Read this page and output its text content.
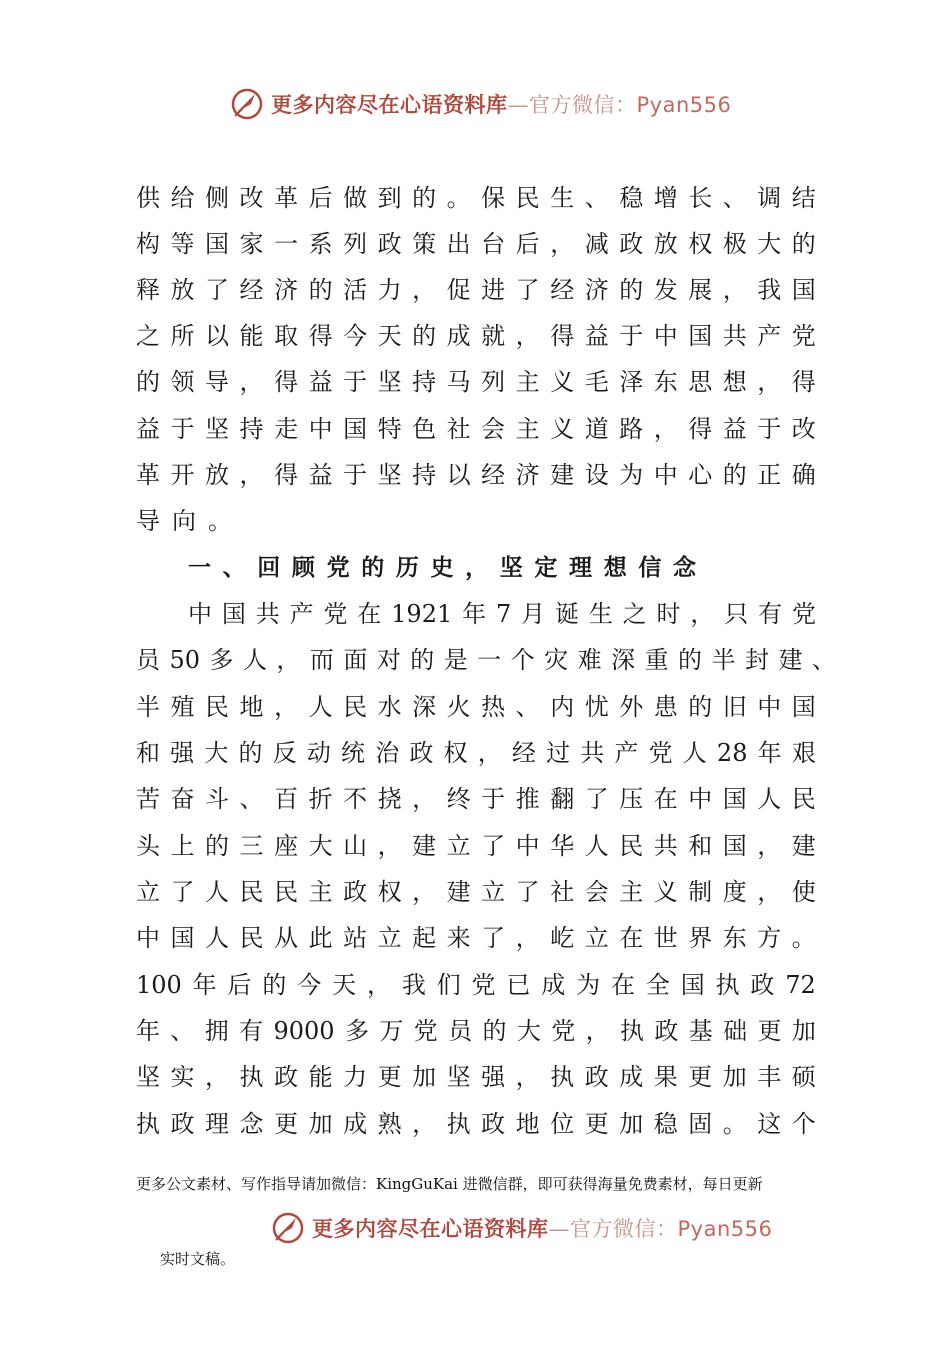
更多内容尽在心语资料库—官方微信：Pyan556
供 给 侧 改 革 后 做 到 的 。 保 民 生 、 稳 增 长 、 调 结
构 等 国 家 一 系 列 政 策 出 台 后 ， 减 政 放 权 极 大 的
释 放 了 经 济 的 活 力 ， 促 进 了 经 济 的 发 展 ， 我 国
之 所 以 能 取 得 今 天 的 成 就 ， 得 益 于 中 国 共 产 党
的 领 导 ， 得 益 于 坚 持 马 列 主 义 毛 泽 东 思 想 ， 得
益 于 坚 持 走 中 国 特 色 社 会 主 义 道 路 ， 得 益 于 改
革 开 放 ， 得 益 于 坚 持 以 经 济 建 设 为 中 心 的 正 确
导向。
一 、 回 顾 党 的 历 史 ， 坚 定 理 想 信 念
中 国 共 产 党 在 1921 年 7 月 诞 生 之 时 ， 只 有 党
员 50 多 人 ， 而 面 对 的 是 一 个 灾 难 深 重 的 半 封 建 、
半 殖 民 地 ， 人 民 水 深 火 热 、 内 忧 外 患 的 旧 中 国
和 强 大 的 反 动 统 治 政 权 ， 经 过 共 产 党 人 28 年 艰
苦 奋 斗 、 百 折 不 挠 ， 终 于 推 翻 了 压 在 中 国 人 民
头 上 的 三 座 大 山 ， 建 立 了 中 华 人 民 共 和 国 ， 建
立 了 人 民 民 主 政 权 ， 建 立 了 社 会 主 义 制 度 ， 使
中 国 人 民 从 此 站 立 起 来 了 ， 屹 立 在 世 界 东 方 。
100 年 后 的 今 天 ， 我 们 党 已 成 为 在 全 国 执 政 72
年 、 拥 有 9000 多 万 党 员 的 大 党 ， 执 政 基 础 更 加
坚 实 ， 执 政 能 力 更 加 坚 强 ， 执 政 成 果 更 加 丰 硕
执 政 理 念 更 加 成 熟 ， 执 政 地 位 更 加 稳 固 。 这 个
更多公文素材、写作指导请加微信：KingGuKai 进微信群，即可获得海量免费素材，每日更新
更多内容尽在心语资料库—官方微信：Pyan556
实时文稿。
